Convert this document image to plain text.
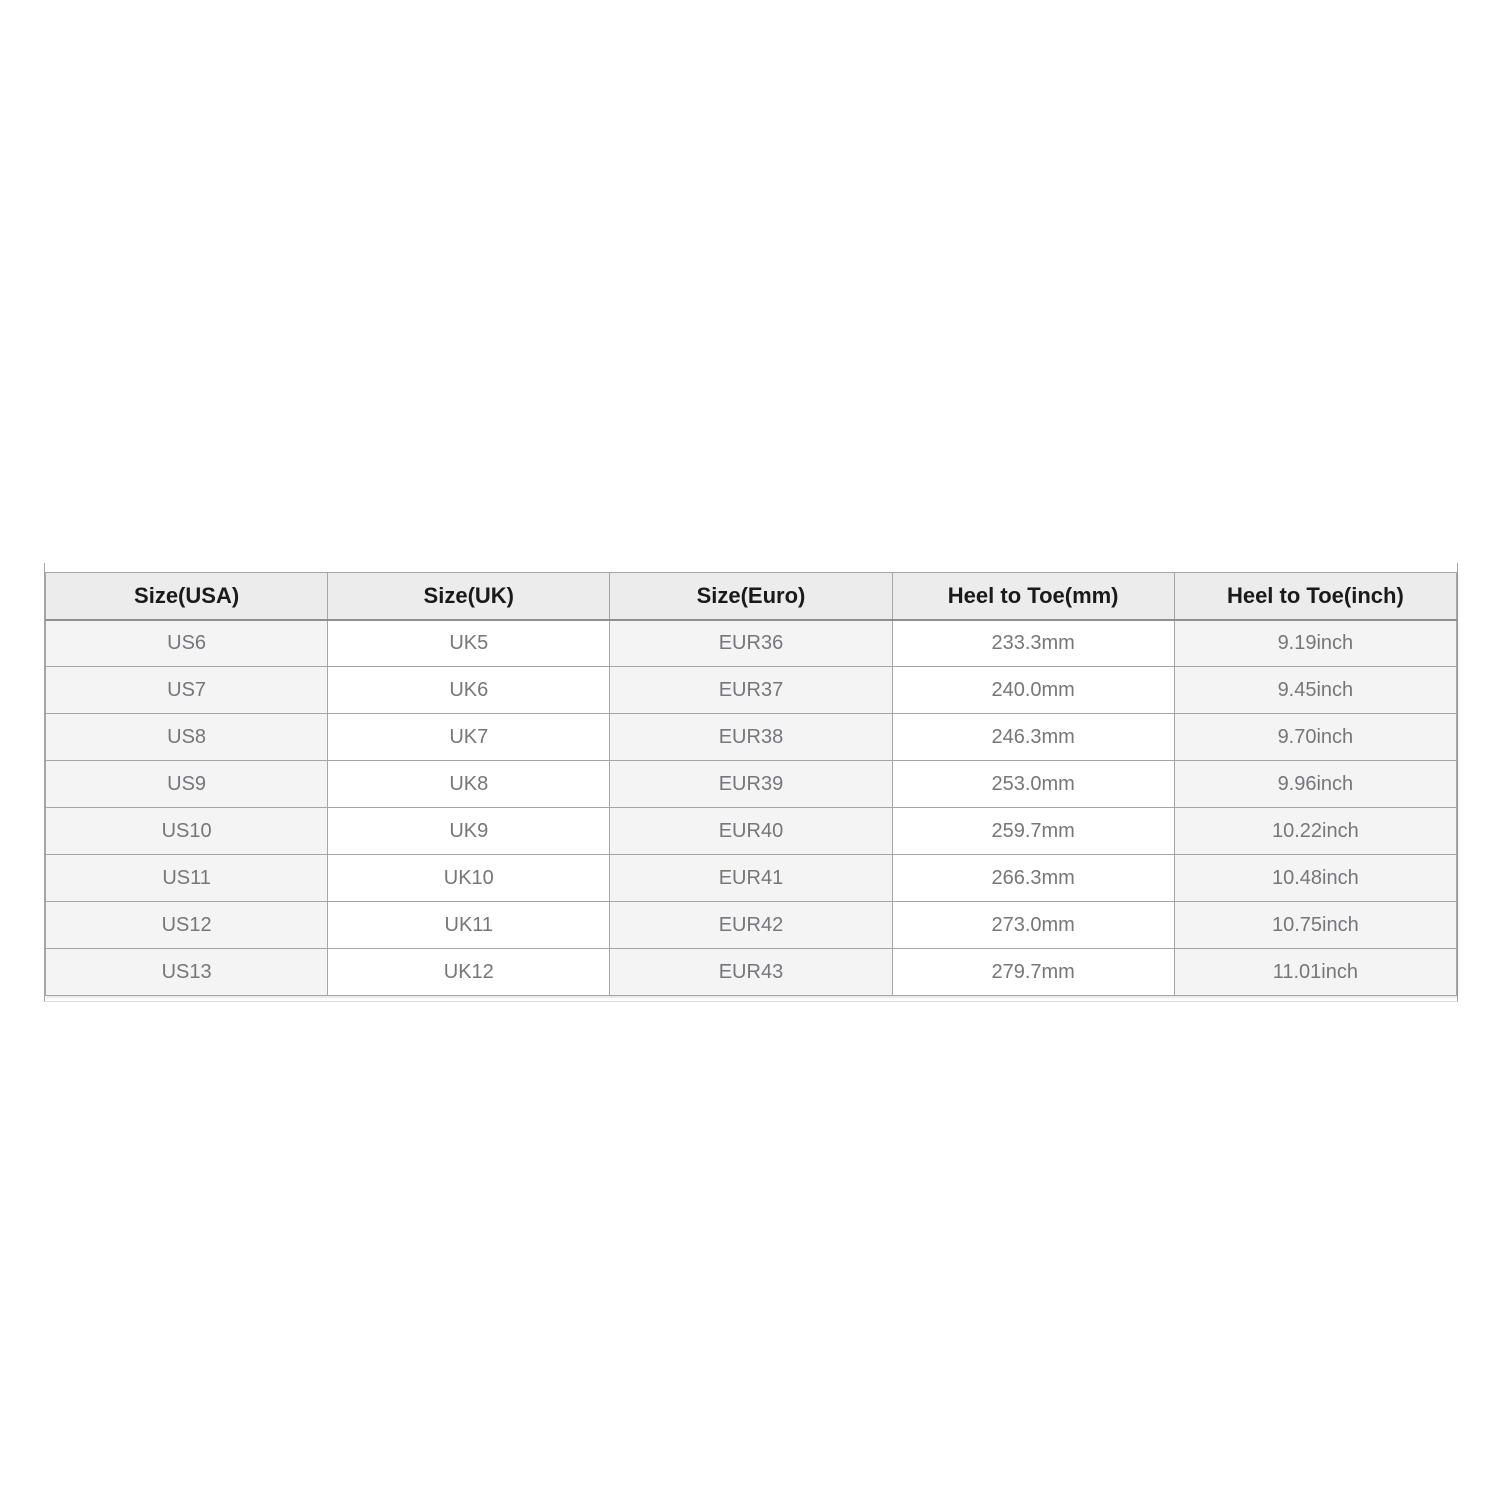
Size(USA)	Size(UK)	Size(Euro)	Heel to Toe(mm)	Heel to Toe(inch)
US6	UK5	EUR36	233.3mm	9.19inch
US7	UK6	EUR37	240.0mm	9.45inch
US8	UK7	EUR38	246.3mm	9.70inch
US9	UK8	EUR39	253.0mm	9.96inch
US10	UK9	EUR40	259.7mm	10.22inch
US11	UK10	EUR41	266.3mm	10.48inch
US12	UK11	EUR42	273.0mm	10.75inch
US13	UK12	EUR43	279.7mm	11.01inch
